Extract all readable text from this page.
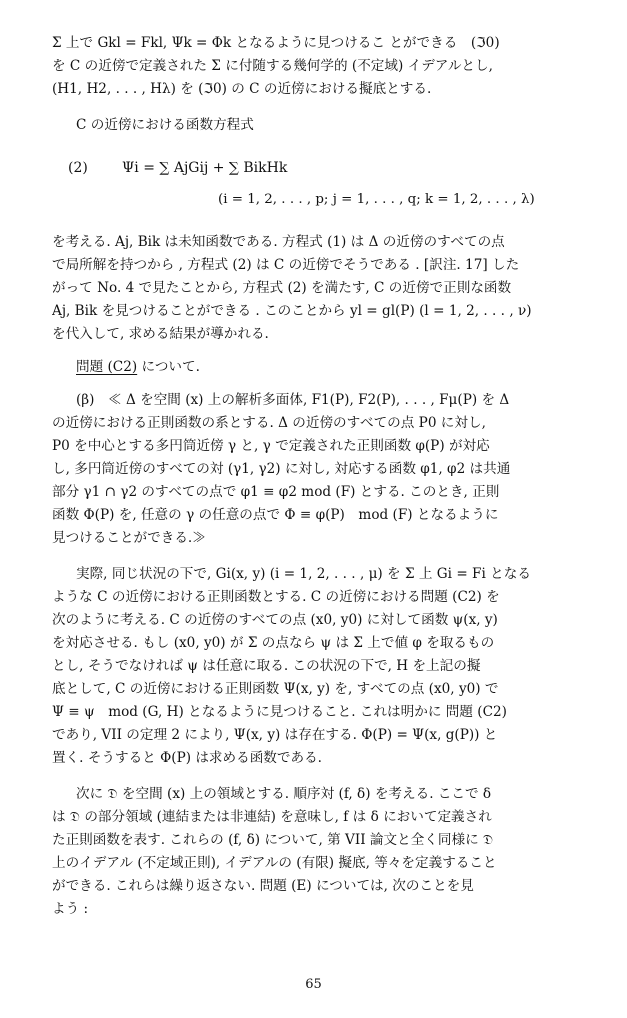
Σ 上で Gkl = Fkl, Ψk = Φk となるように見つけるこ とができる　(ℑ0)
を C の近傍で定義された Σ に付随する幾何学的 (不定域) イデアルとし,
(H1, H2, . . . , Hλ) を (ℑ0) の C の近傍における擬底とする.
C の近傍における函数方程式
(2) Ψi = ∑ AjGij + ∑ BikHk
(i = 1, 2, . . . , p; j = 1, . . . , q; k = 1, 2, . . . , λ)
を考える. Aj, Bik は未知函数である. 方程式 (1) は Δ の近傍のすべての点
で局所解を持つから , 方程式 (2) は C の近傍でそうである . [訳注. 17] した
がって No. 4 で見たことから, 方程式 (2) を満たす, C の近傍で正則な函数
Aj, Bik を見つけることができる . このことから yl = gl(P) (l = 1, 2, . . . , ν)
を代入して, 求める結果が導かれる.
問題 (C2) について.
(β)　≪ Δ を空間 (x) 上の解析多面体, F1(P), F2(P), . . . , Fμ(P) を Δ
の近傍における正則函数の系とする. Δ の近傍のすべての点 P0 に対し,
P0 を中心とする多円筒近傍 γ と, γ で定義された正則函数 φ(P) が対応
し, 多円筒近傍のすべての対 (γ1, γ2) に対し, 対応する函数 φ1, φ2 は共通
部分 γ1 ∩ γ2 のすべての点で φ1 ≡ φ2 mod (F) とする. このとき, 正則
函数 Φ(P) を, 任意の γ の任意の点で Φ ≡ φ(P)　mod (F) となるように
見つけることができる.≫
実際, 同じ状況の下で, Gi(x, y) (i = 1, 2, . . . , μ) を Σ 上 Gi = Fi となる
ような C の近傍における正則函数とする. C の近傍における問題 (C2) を
次のように考える. C の近傍のすべての点 (x0, y0) に対して函数 ψ(x, y)
を対応させる. もし (x0, y0) が Σ の点なら ψ は Σ 上で値 φ を取るもの
とし, そうでなければ ψ は任意に取る. この状況の下で, H を上記の擬
底として, C の近傍における正則函数 Ψ(x, y) を, すべての点 (x0, y0) で
Ψ ≡ ψ　mod (G, H) となるように見つけること. これは明かに 問題 (C2)
であり, VII の定理 2 により, Ψ(x, y) は存在する. Φ(P) = Ψ(x, g(P)) と
置く. そうすると Φ(P) は求める函数である.
次に 𝔇 を空間 (x) 上の領域とする. 順序対 (f, δ) を考える. ここで δ
は 𝔇 の部分領域 (連結または非連結) を意味し, f は δ において定義され
た正則函数を表す. これらの (f, δ) について, 第 VII 論文と全く同様に 𝔇
上のイデアル (不定域正則), イデアルの (有限) 擬底, 等々を定義すること
ができる. これらは繰り返さない. 問題 (E) については, 次のことを見
よう :
65
